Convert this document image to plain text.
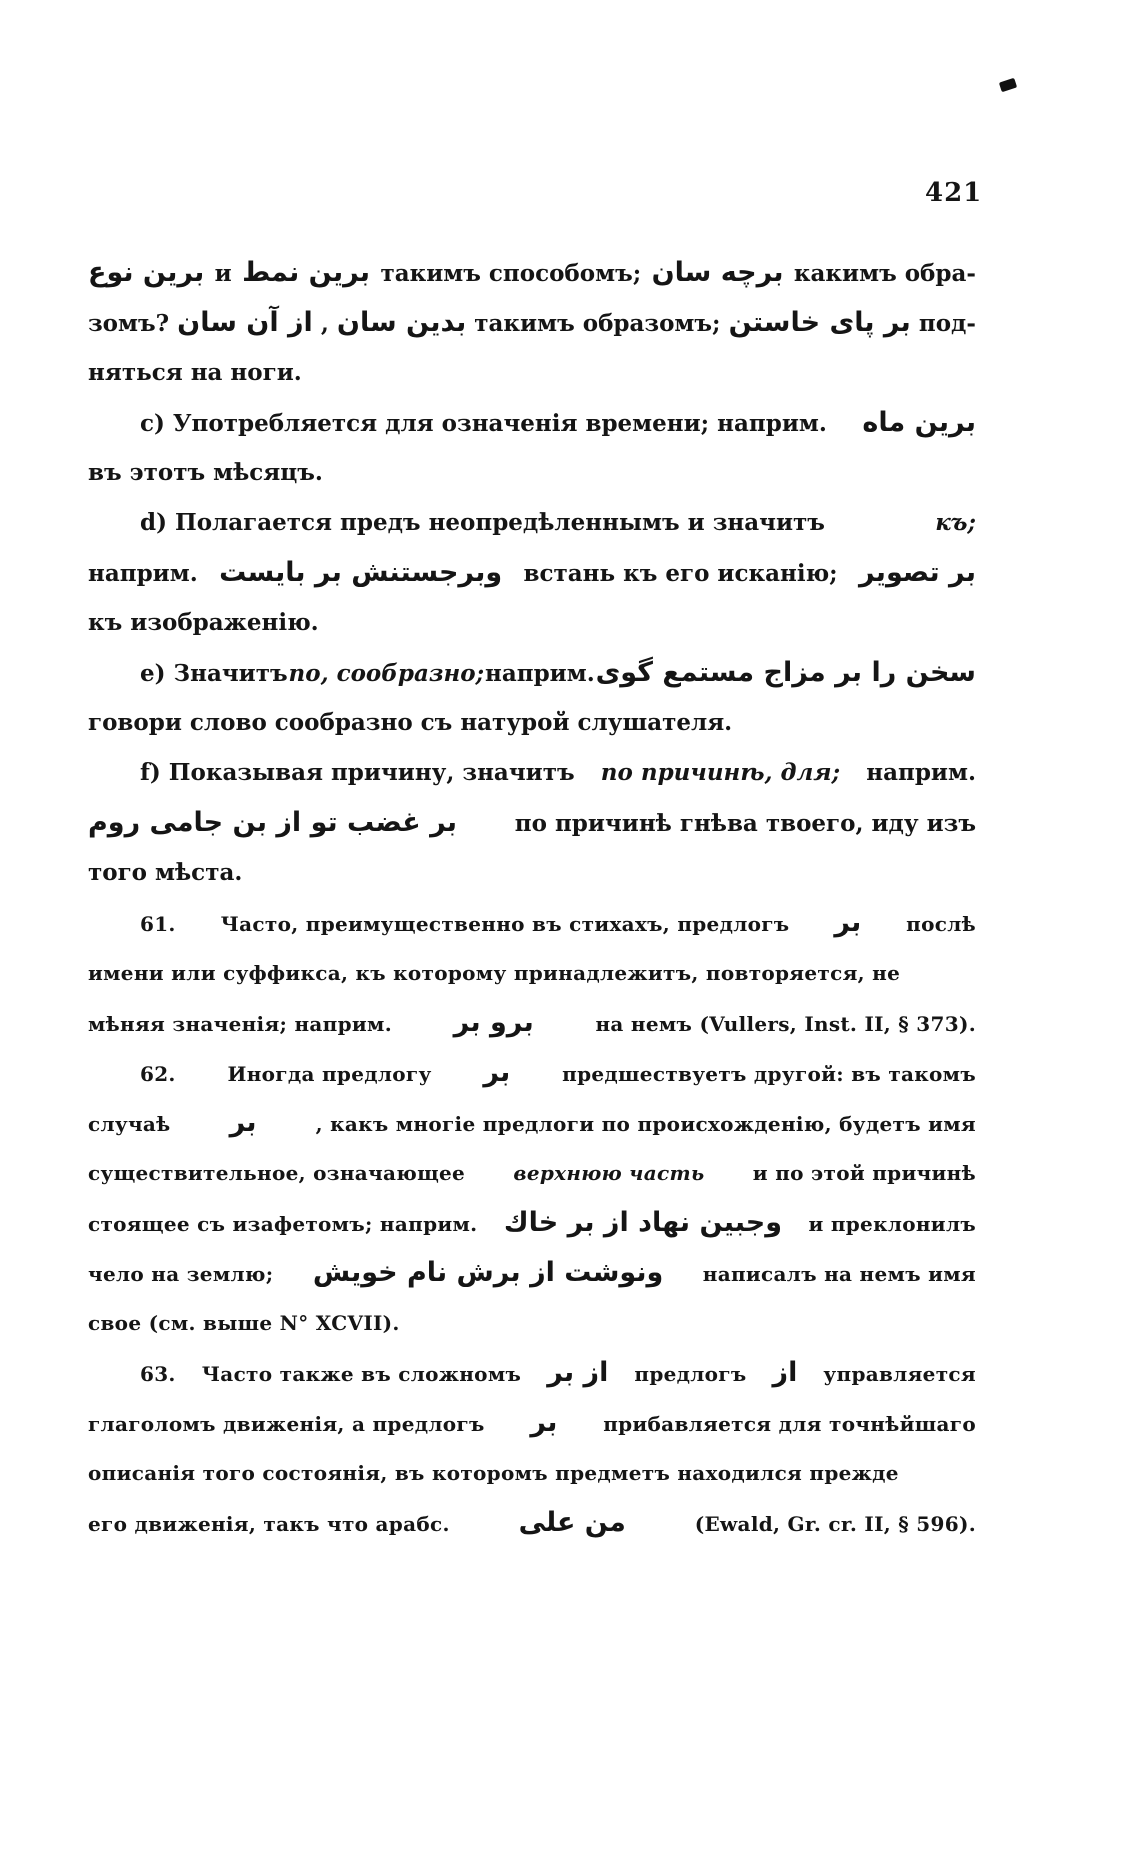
421
برين نوع и برين نمط такимъ способомъ; برچه سان какимъ обра-
зомъ? از آن سان , بدين سان такимъ образомъ; بر پای خاستن под-
няться на ноги.
c) Употребляется для означенія времени; наприм. برين ماه
въ этотъ мѣсяцъ.
d) Полагается предъ неопредѣленнымъ и значитъ	къ;
наприм. وبرجستنش بر بايست встань къ его исканію; بر تصوير
къ изображенію.
e) Значитъ по, сообразно; наприм. سخن را بر مزاج مستمع گوی
говори слово сообразно съ натурой слушателя.
f) Показывая причину, значитъ по причинѣ, для; наприм.
بر غضب تو از بن جامی روم	по причинѣ гнѣва твоего, иду изъ
того мѣста.
61. Часто, преимущественно въ стихахъ, предлогъ بر послѣ
имени или суффикса, къ которому принадлежитъ, повторяется, не
мѣняя значенія; наприм. برو بر	на немъ (Vullers, Inst. II, § 373).
62.	Иногда предлогу بر	предшествуетъ другой: въ такомъ
случаѣ بر	, какъ многіе предлоги по происхожденію, будетъ имя
существительное, означающее верхнюю часть и по этой причинѣ
стоящее съ изафетомъ; наприм. وجبين نهاد از بر خاك и преклонилъ
чело на землю; ونوشت از برش نام خويش написалъ на немъ имя
свое (см. выше N° XCVII).
63. Часто также въ сложномъ از بر предлогъ از управляется
глаголомъ движенія, а предлогъ بر прибавляется для точнѣйшаго
описанія того состоянія, въ которомъ предметъ находился прежде
его движенія, такъ что арабс.	من على	(Ewald, Gr. cr. II, § 596).
